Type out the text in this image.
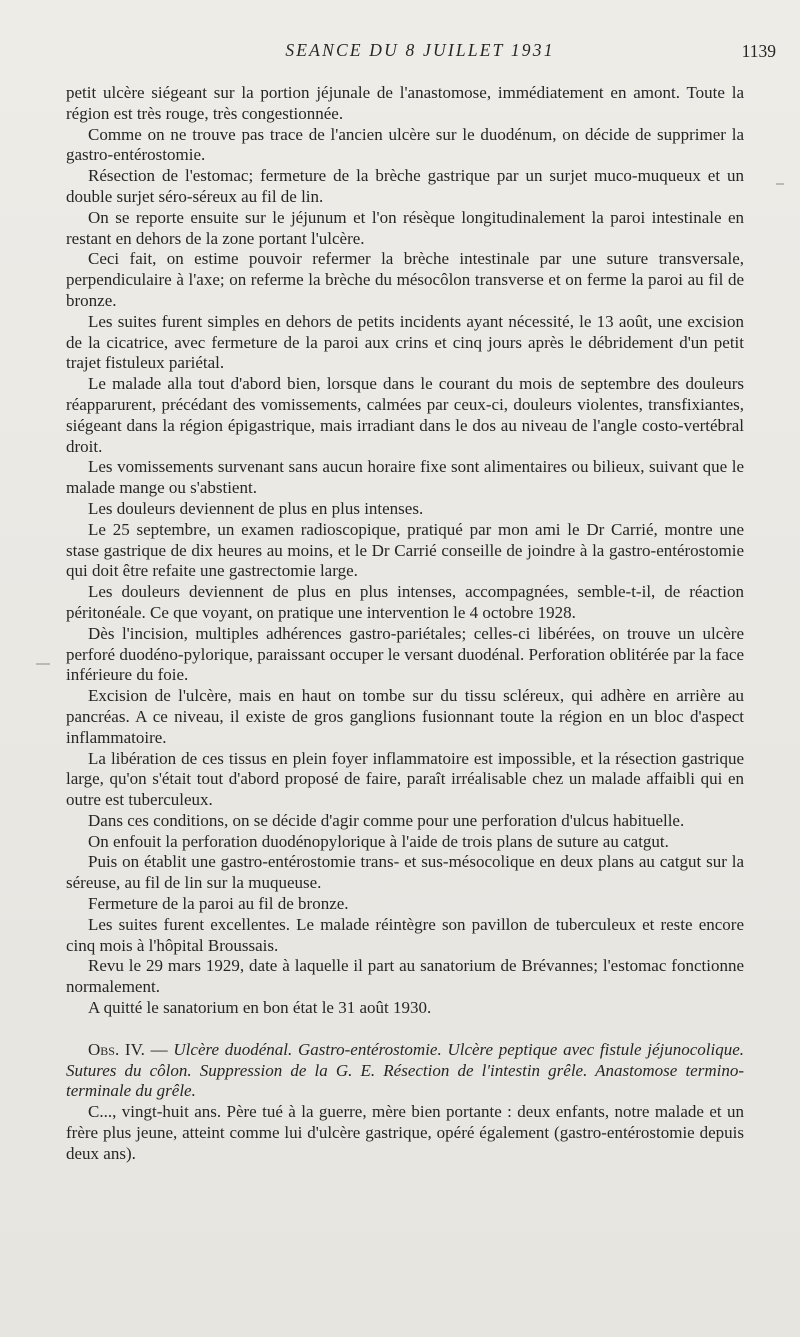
SEANCE DU 8 JUILLET 1931	1139

petit ulcère siégeant sur la portion jéjunale de l'anastomose, immédiatement en amont. Toute la région est très rouge, très congestionnée.

Comme on ne trouve pas trace de l'ancien ulcère sur le duodénum, on décide de supprimer la gastro-entérostomie.

Résection de l'estomac; fermeture de la brèche gastrique par un surjet muco-muqueux et un double surjet séro-séreux au fil de lin.

On se reporte ensuite sur le jéjunum et l'on résèque longitudinalement la paroi intestinale en restant en dehors de la zone portant l'ulcère.

Ceci fait, on estime pouvoir refermer la brèche intestinale par une suture transversale, perpendiculaire à l'axe; on referme la brèche du mésocôlon transverse et on ferme la paroi au fil de bronze.

Les suites furent simples en dehors de petits incidents ayant nécessité, le 13 août, une excision de la cicatrice, avec fermeture de la paroi aux crins et cinq jours après le débridement d'un petit trajet fistuleux pariétal.

Le malade alla tout d'abord bien, lorsque dans le courant du mois de septembre des douleurs réapparurent, précédant des vomissements, calmées par ceux-ci, douleurs violentes, transfixiantes, siégeant dans la région épigastrique, mais irradiant dans le dos au niveau de l'angle costo-vertébral droit.

Les vomissements survenant sans aucun horaire fixe sont alimentaires ou bilieux, suivant que le malade mange ou s'abstient.

Les douleurs deviennent de plus en plus intenses.

Le 25 septembre, un examen radioscopique, pratiqué par mon ami le Dr Carrié, montre une stase gastrique de dix heures au moins, et le Dr Carrié conseille de joindre à la gastro-entérostomie qui doit être refaite une gastrectomie large.

Les douleurs deviennent de plus en plus intenses, accompagnées, semble-t-il, de réaction péritonéale. Ce que voyant, on pratique une intervention le 4 octobre 1928.

Dès l'incision, multiples adhérences gastro-pariétales; celles-ci libérées, on trouve un ulcère perforé duodéno-pylorique, paraissant occuper le versant duodénal. Perforation oblitérée par la face inférieure du foie.

Excision de l'ulcère, mais en haut on tombe sur du tissu scléreux, qui adhère en arrière au pancréas. A ce niveau, il existe de gros ganglions fusionnant toute la région en un bloc d'aspect inflammatoire.

La libération de ces tissus en plein foyer inflammatoire est impossible, et la résection gastrique large, qu'on s'était tout d'abord proposé de faire, paraît irréalisable chez un malade affaibli qui en outre est tuberculeux.

Dans ces conditions, on se décide d'agir comme pour une perforation d'ulcus habituelle.

On enfouit la perforation duodénopylorique à l'aide de trois plans de suture au catgut.

Puis on établit une gastro-entérostomie trans- et sus-mésocolique en deux plans au catgut sur la séreuse, au fil de lin sur la muqueuse.

Fermeture de la paroi au fil de bronze.

Les suites furent excellentes. Le malade réintègre son pavillon de tuberculeux et reste encore cinq mois à l'hôpital Broussais.

Revu le 29 mars 1929, date à laquelle il part au sanatorium de Brévannes; l'estomac fonctionne normalement.

A quitté le sanatorium en bon état le 31 août 1930.

Obs. IV. — Ulcère duodénal. Gastro-entérostomie. Ulcère peptique avec fistule jéjunocolique. Sutures du côlon. Suppression de la G. E. Résection de l'intestin grêle. Anastomose termino-terminale du grêle.

C..., vingt-huit ans. Père tué à la guerre, mère bien portante : deux enfants, notre malade et un frère plus jeune, atteint comme lui d'ulcère gastrique, opéré également (gastro-entérostomie depuis deux ans).
